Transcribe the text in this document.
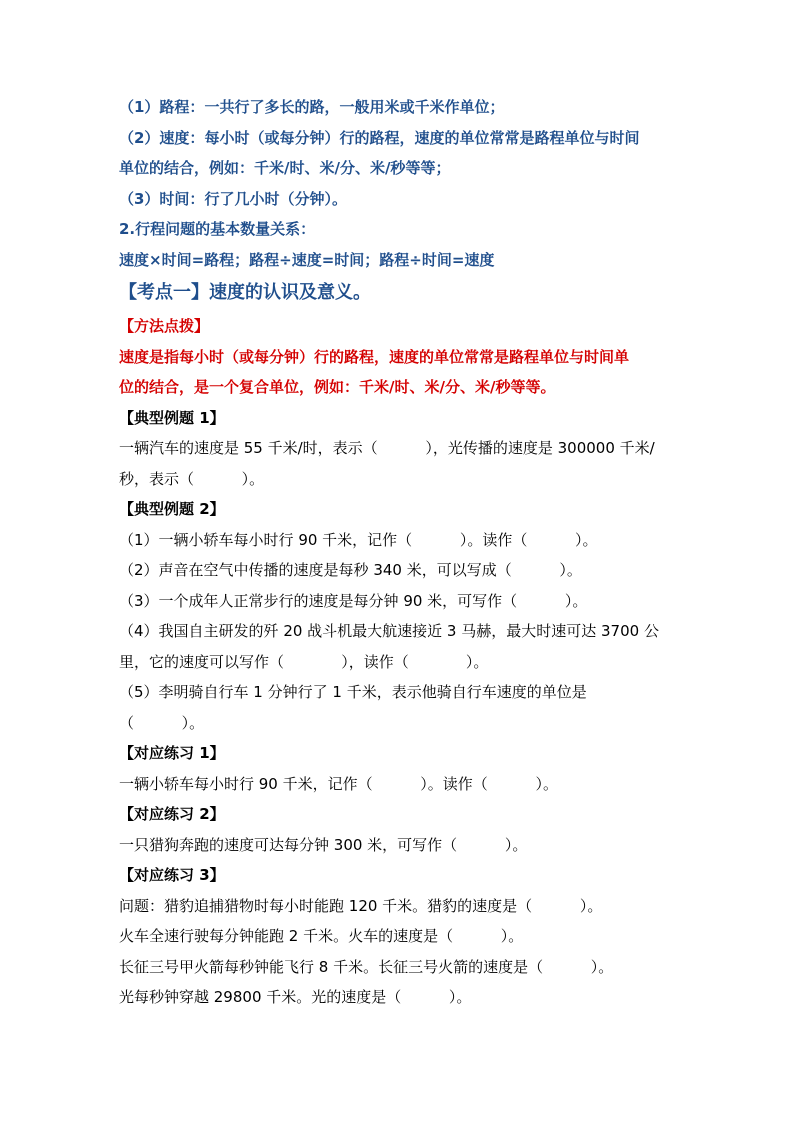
（1）路程：一共行了多长的路，一般用米或千米作单位；

（2）速度：每小时（或每分钟）行的路程，速度的单位常常是路程单位与时间

单位的结合，例如：千米/时、米/分、米/秒等等；

（3）时间：行了几小时（分钟）。

2.行程问题的基本数量关系：

速度×时间=路程；路程÷速度=时间；路程÷时间=速度

【考点一】速度的认识及意义。

【方法点拨】

速度是指每小时（或每分钟）行的路程，速度的单位常常是路程单位与时间单

位的结合，是一个复合单位，例如：千米/时、米/分、米/秒等等。

【典型例题 1】

一辆汽车的速度是 55 千米/时，表示（          ），光传播的速度是 300000 千米/

秒，表示（          ）。

【典型例题 2】

（1）一辆小轿车每小时行 90 千米，记作（          ）。读作（          ）。

（2）声音在空气中传播的速度是每秒 340 米，可以写成（          ）。

（3）一个成年人正常步行的速度是每分钟 90 米，可写作（          ）。

（4）我国自主研发的歼 20 战斗机最大航速接近 3 马赫，最大时速可达 3700 公

里，它的速度可以写作（            ），读作（            ）。

（5）李明骑自行车 1 分钟行了 1 千米，表示他骑自行车速度的单位是

（          ）。

【对应练习 1】

一辆小轿车每小时行 90 千米，记作（          ）。读作（          ）。

【对应练习 2】

一只猎狗奔跑的速度可达每分钟 300 米，可写作（          ）。

【对应练习 3】

问题：猎豹追捕猎物时每小时能跑 120 千米。猎豹的速度是（          ）。

火车全速行驶每分钟能跑 2 千米。火车的速度是（          ）。

长征三号甲火箭每秒钟能飞行 8 千米。长征三号火箭的速度是（          ）。

光每秒钟穿越 29800 千米。光的速度是（          ）。
